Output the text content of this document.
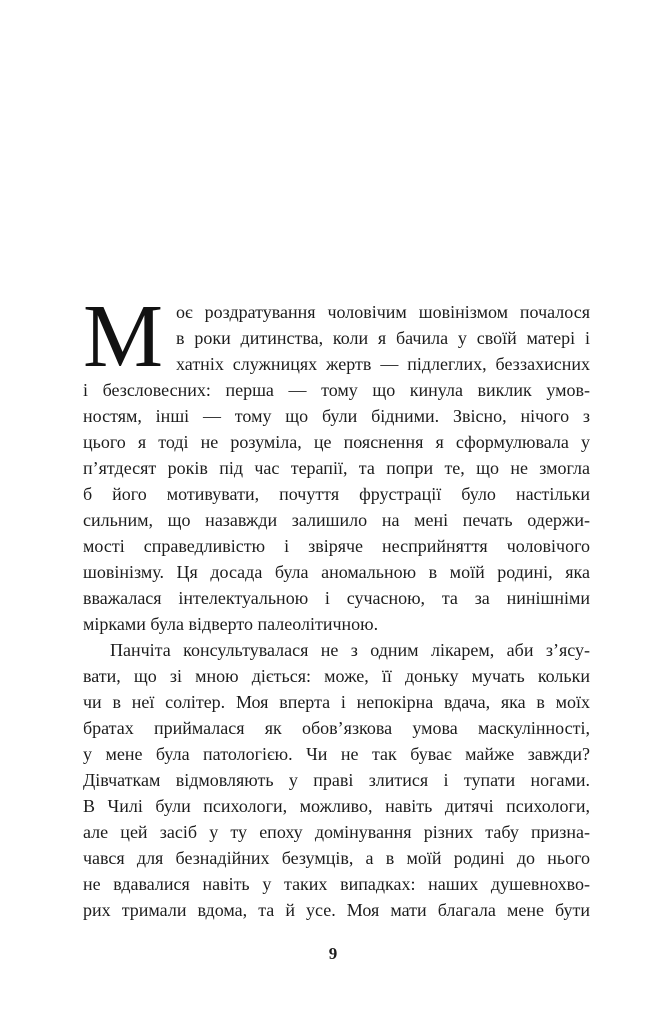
М оє роздратування чоловічим шовінізмом почалося
в роки дитинства, коли я бачила у своїй матері і
хатніх служницях жертв — підлеглих, беззахисних
і безсловесних: перша — тому що кинула виклик умов-
ностям, інші — тому що були бідними. Звісно, нічого з
цього я тоді не розуміла, це пояснення я сформулювала у
п’ятдесят років під час терапії, та попри те, що не змогла
б його мотивувати, почуття фрустрації було настільки
сильним, що назавжди залишило на мені печать одержи-
мості справедливістю і звіряче несприйняття чоловічого
шовінізму. Ця досада була аномальною в моїй родині, яка
вважалася інтелектуальною і сучасною, та за нинішніми
мірками була відверто палеолітичною.
Панчіта консультувалася не з одним лікарем, аби з’ясу-
вати, що зі мною діється: може, її доньку мучать кольки
чи в неї солітер. Моя вперта і непокірна вдача, яка в моїх
братах приймалася як обов’язкова умова маскулінності,
у мене була патологією. Чи не так буває майже завжди?
Дівчаткам відмовляють у праві злитися і тупати ногами.
В Чилі були психологи, можливо, навіть дитячі психологи,
але цей засіб у ту епоху домінування різних табу призна-
чався для безнадійних безумців, а в моїй родині до нього
не вдавалися навіть у таких випадках: наших душевнохво-
рих тримали вдома, та й усе. Моя мати благала мене бути
9
